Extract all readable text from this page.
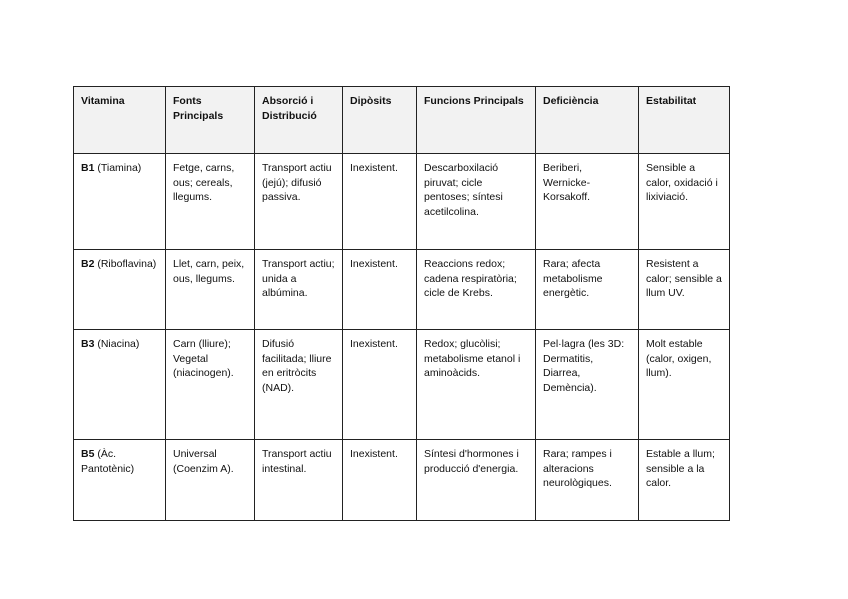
Vitamina	Fonts Principals	Absorció i Distribució	Dipòsits	Funcions Principals	Deficiència	Estabilitat
B1 (Tiamina)	Fetge, carns, ous; cereals, llegums.	Transport actiu (jejú); difusió passiva.	Inexistent.	Descarboxilació piruvat; cicle pentoses; síntesi acetilcolina.	Beriberi, Wernicke-Korsakoff.	Sensible a calor, oxidació i lixiviació.
B2 (Riboflavina)	Llet, carn, peix, ous, llegums.	Transport actiu; unida a albúmina.	Inexistent.	Reaccions redox; cadena respiratòria; cicle de Krebs.	Rara; afecta metabolisme energètic.	Resistent a calor; sensible a llum UV.
B3 (Niacina)	Carn (lliure); Vegetal (niacinogen).	Difusió facilitada; lliure en eritròcits (NAD).	Inexistent.	Redox; glucòlisi; metabolisme etanol i aminoàcids.	Pel·lagra (les 3D: Dermatitis, Diarrea, Demència).	Molt estable (calor, oxigen, llum).
B5 (Àc. Pantotènic)	Universal (Coenzim A).	Transport actiu intestinal.	Inexistent.	Síntesi d'hormones i producció d'energia.	Rara; rampes i alteracions neurològiques.	Estable a llum; sensible a la calor.
